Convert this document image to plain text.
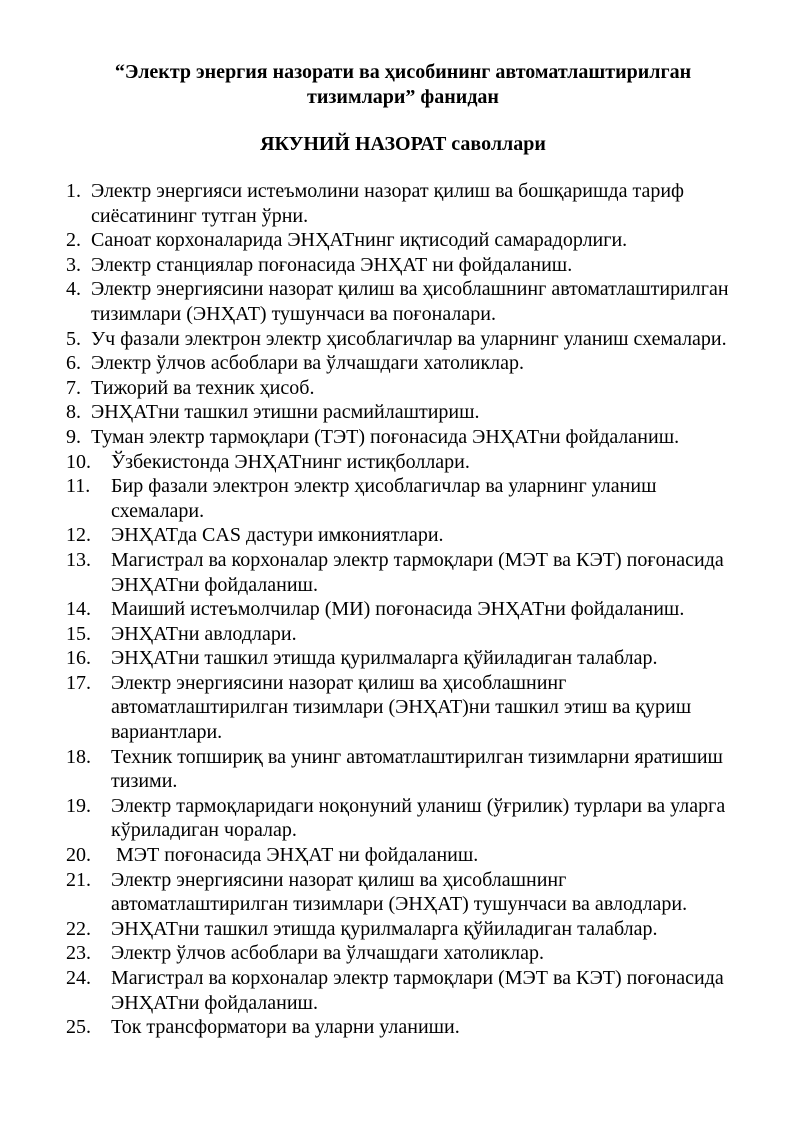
“Электр энергия назорати ва ҳисобининг автоматлаштирилган тизимлари” фанидан
ЯКУНИЙ НАЗОРАТ саволлари
1. Электр энергияси истеъмолини назорат қилиш ва бошқаришда тариф сиёсатининг тутган ўрни.
2. Саноат корхоналарида ЭНҲАТнинг иқтисодий самарадорлиги.
3. Электр станциялар поғонасида ЭНҲАТ ни фойдаланиш.
4. Электр энергиясини назорат қилиш ва ҳисоблашнинг автоматлаштирилган тизимлари (ЭНҲАТ) тушунчаси ва поғоналари.
5. Уч фазали электрон электр ҳисоблагичлар ва уларнинг уланиш схемалари.
6. Электр ўлчов асбоблари ва ўлчашдаги хатоликлар.
7. Тижорий ва техник ҳисоб.
8. ЭНҲАТни ташкил этишни расмийлаштириш.
9. Туман электр тармоқлари (ТЭТ) поғонасида ЭНҲАТни фойдаланиш.
10. Ўзбекистонда ЭНҲАТнинг истиқболлари.
11. Бир фазали электрон электр ҳисоблагичлар ва уларнинг уланиш схемалари.
12. ЭНҲАТда CAS дастури имкониятлари.
13. Магистрал ва корхоналар электр тармоқлари (МЭТ ва КЭТ) поғонасида ЭНҲАТни фойдаланиш.
14. Маиший истеъмолчилар (МИ) поғонасида ЭНҲАТни фойдаланиш.
15. ЭНҲАТни авлодлари.
16. ЭНҲАТни ташкил этишда қурилмаларга қўйиладиган талаблар.
17. Электр энергиясини назорат қилиш ва ҳисоблашнинг автоматлаштирилган тизимлари (ЭНҲАТ)ни ташкил этиш ва қуриш вариантлари.
18. Техник топшириқ ва унинг автоматлаштирилган тизимларни яратишиш тизими.
19. Электр тармоқларидаги ноқонуний уланиш (ўғрилик) турлари ва уларга кўриладиган чоралар.
20. МЭТ поғонасида ЭНҲАТ ни фойдаланиш.
21. Электр энергиясини назорат қилиш ва ҳисоблашнинг автоматлаштирилган тизимлари (ЭНҲАТ) тушунчаси ва авлодлари.
22. ЭНҲАТни ташкил этишда қурилмаларга қўйиладиган талаблар.
23. Электр ўлчов асбоблари ва ўлчашдаги хатоликлар.
24. Магистрал ва корхоналар электр тармоқлари (МЭТ ва КЭТ) поғонасида ЭНҲАТни фойдаланиш.
25. Ток трансформатори ва уларни уланиши.
